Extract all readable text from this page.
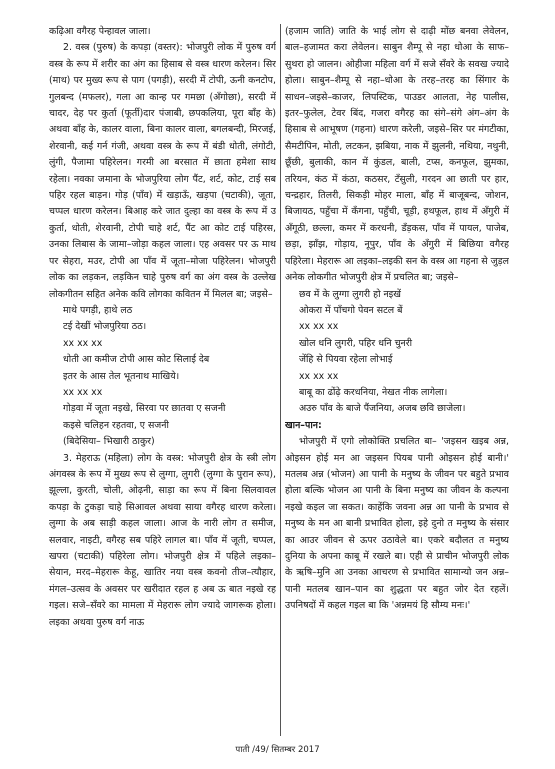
कढ़िआ वगैरह पेन्हावल जाला।

2. वस्त्र (पुरुष) के कपड़ा (वस्तर): भोजपुरी लोक में पुरुष वर्ग वस्त्र के रूप में शरीर का अंग का हिसाब से वस्त्र धारण करेलन। सिर (माथ) पर मुख्य रूप से पाग (पगड़ी), सरदी में टोपी, ऊनी कनटोप, गुलबन्द (मफलर), गला आ कान्ह पर गमछा (अँगोछा), सरदी में चादर, देह पर कुर्ता (फूर्ती)दार पंजाबी, छपकलिया, पूरा बाँह के) अथवा बाँह के, कालर वाला, बिना कालर वाला, बगलबन्दी, मिरजई, शेरवानी, कई गर्न गंजी, अथवा वस्त्र के रूप में बंडी धोती, लंगोटी, लुंगी, पैजामा पहिरेलन। गरमी आ बरसात में छाता हमेशा साथ रहेला। नवका जमाना के भोजपुरिया लोग पैंट, शर्ट, कोट, टाई सब पहिर रहल बाड़न। गोड़ (पाँव) में खड़ाऊँ, खड़पा (चटाकी), जूता, चप्पल धारण करेलन। बिआह करे जात दुल्हा का वस्त्र के रूप में उ कुर्ता, धोती, शेरवानी, टोपी चाहे शर्ट, पैंट आ कोट टाई पहिरस, उनका लिबास के जामा–जोड़ा कहल जाला। एह अवसर पर ऊ माथ पर सेहरा, मउर, टोपी आ पाँव में जूता–मोजा पहिरेलन। भोजपुरी लोक का लड़कन, लड़किन चाहे पुरुष वर्ग का अंग वस्त्र के उल्लेख लोकगीतन सहित अनेक कवि लोगका कवितन में मिलल बा; जइसे–

माथे पगड़ी, हाथे लठ

टई देखीं भोजपुरिया ठठ।

xx xx xx

धोती आ कमीज टोपी आस कोट सिलाई देब

इतर के आस तेल भूतनाथ माखिये।

xx xx xx

गोड़वा में जूता नइखे, सिरवा पर छातवा ए सजनी

कइसे चलिहन रहतवा, ए सजनी

(बिदेसिया– भिखारी ठाकुर)

3. मेहराऊ (महिला) लोग के वस्त्र: भोजपुरी क्षेत्र के स्त्री लोग अंगवस्त्र के रूप में मुख्य रूप से लुग्गा, लुगरी (लुग्गा के पुरान रूप), झूल्ला, कुरती, चोली, ओढ़नी, साड़ा का रूप में बिना सिलवावल कपड़ा के टुकड़ा चाहे सिआवल अथवा साया वगैरह धारण करेला। लुग्गा के अब साड़ी कहल जाला। आज के नारी लोग त समीज, सलवार, नाइटी, वगैरह सब पहिरे लागल बा। पाँव में जूती, चप्पल, खपरा (चटाकी) पहिरेला लोग। भोजपुरी क्षेत्र में पहिले लइका–सेयान, मरद–मेहरारू केहू, खातिर नया वस्त्र कवनो तीज–त्यौहार, मंगल–उत्सव के अवसर पर खरीदात रहल ह अब ऊ बात नइखे रह गइल। सजे–सँवरे का मामला में मेहरारू लोग ज्यादे जागरूक होला। लइका अथवा पुरुष वर्ग नाऊ

(हजाम जाति) जाति के भाई लोग से दाढ़ी मोंछ बनवा लेवेलन, बाल–हजामत करा लेवेलन। साबुन शैम्पू से नहा धोआ के साफ–सुथरा हो जालन। ओहीजा महिला वर्ग में सजे सँवरे के सवख ज्यादे होला। साबुन–शैम्पू से नहा–धोआ के तरह–तरह का सिंगार के साधन–जइसे–काजर, लिपस्टिक, पाउडर आलता, नेह पालीस, इतर–फुलेल, टेवर बिंद, गजरा वगैरह का संगे–संगे अंग–अंग के हिसाब से आभूषण (गहना) धारण करेली, जइसे–सिर पर मंगटीका, सैमटीपिन, मोती, लटकन, झबिया, नाक में झुलनी, नथिया, नथुनी, छूँछी, बुलाकी, कान में कुंडल, बाली, टप्स, कनफूल, झुमका, तरियन, कंठ में कंठा, कठसर, टँसुली, गरदन आ छाती पर हार, चन्द्रहार, तिलरी, सिकड़ी मोहर माला, बाँह में बाजूबन्द, जोशन, बिजायठ, पहुँचा में कँगना, पहुँची, चूड़ी, हथफूल, हाथ में अँगुरी में अँगूठी, छल्ला, कमर में करधनी, डँड़कस, पाँव में पायल, पाजेब, छड़ा, झाँझ, गोड़ाय, नूपुर, पाँव के अँगुरी में बिछिया वगैरह पहिरेला। मेहरारू आ लइका–लइकी सन के वस्त्र आ गहना से जुड़ल अनेक लोकगीत भोजपुरी क्षेत्र में प्रचलित बा; जइसे–

छव में के लुग्गा लुगरी हो नइखें

ओकरा में पाँचगो पेवन सटल बें

xx xx xx

खोल धनि लुगरी, पहिर धनि चुनरी

जेंहि से पियवा रहेला लोभाई

xx xx xx

बाबू का ढोंढ़े करधनिया, नेखत नीक लागेला।

अउरु पाँव के बाजे पैंजनिया, अजब छवि छाजेला।

खान–पान:

भोजपुरी में एगो लोकोक्ति प्रचलित बा– 'जइसन खइब अन्न, ओइसन होई मन आ जइसन पियब पानी ओइसन होई बानी।' मतलब अन्न (भोजन) आ पानी के मनुष्य के जीवन पर बहुते प्रभाव होला बल्कि भोजन आ पानी के बिना मनुष्य का जीवन के कल्पना नइखे कइल जा सकत। काहेंकि जवना अन्न आ पानी के प्रभाव से मनुष्य के मन आ बानी प्रभावित होला, इहे दुनो त मनुष्य के संसार का आउर जीवन से ऊपर उठावेले बा। एकरे बदौलत त मनुष्य दुनिया के अपना काबू में रखले बा। एही से प्राचीन भोजपुरी लोक के ऋषि–मुनि आ उनका आचरण से प्रभावित सामान्यो जन अन्न–पानी मतलब खान–पान का शुद्धता पर बहुत जोर देत रहलें। उपनिषदों में कहल गइल बा कि 'अन्नमयं हि सौम्य मनः।'

पाती /49/ सितम्बर 2017
